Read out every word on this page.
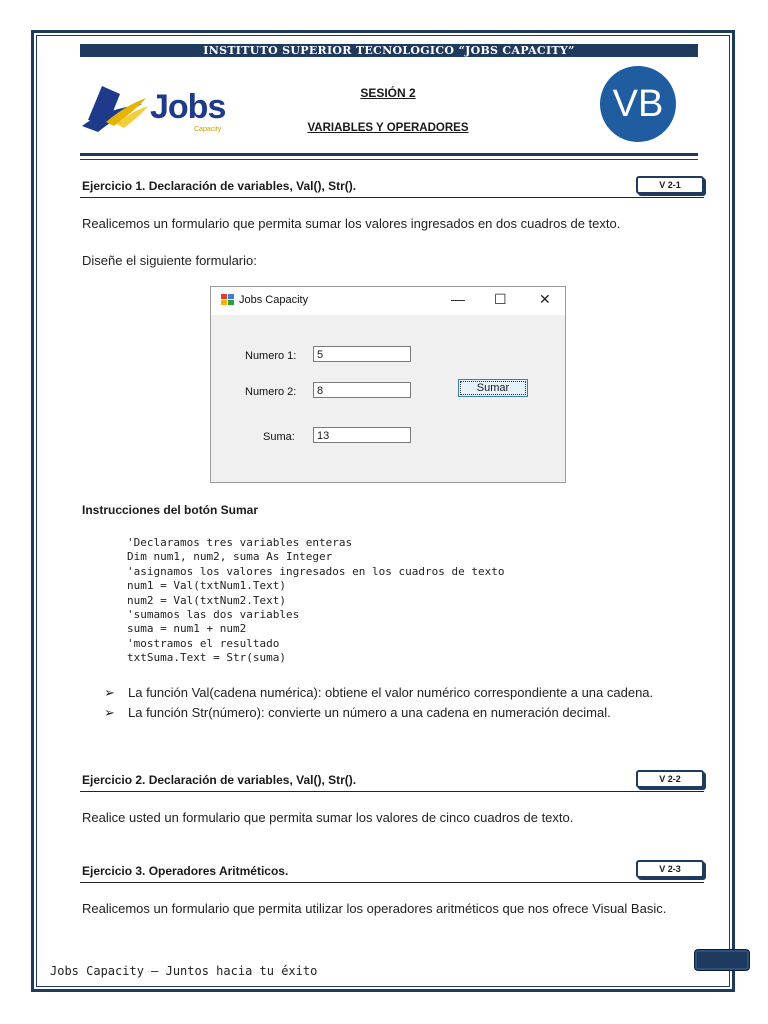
INSTITUTO SUPERIOR TECNOLOGICO “JOBS CAPACITY”
Jobs
Capacity
SESIÓN 2
VARIABLES Y OPERADORES
VB
Ejercicio 1. Declaración de variables, Val(), Str().	V 2-1
Realicemos un formulario que permita sumar los valores ingresados en dos cuadros de texto.
Diseñe el siguiente formulario:
Jobs Capacity	— ☐ ✕
Numero 1:	5
Numero 2:	8	Sumar
Suma:	13
Instrucciones del botón Sumar
'Declaramos tres variables enteras
Dim num1, num2, suma As Integer
'asignamos los valores ingresados en los cuadros de texto
num1 = Val(txtNum1.Text)
num2 = Val(txtNum2.Text)
'sumamos las dos variables
suma = num1 + num2
'mostramos el resultado
txtSuma.Text = Str(suma)
➢ La función Val(cadena numérica): obtiene el valor numérico correspondiente a una cadena.
➢ La función Str(número): convierte un número a una cadena en numeración decimal.
Ejercicio 2. Declaración de variables, Val(), Str().	V 2-2
Realice usted un formulario que permita sumar los valores de cinco cuadros de texto.
Ejercicio 3. Operadores Aritméticos.	V 2-3
Realicemos un formulario que permita utilizar los operadores aritméticos que nos ofrece Visual Basic.
Jobs Capacity – Juntos hacia tu éxito
